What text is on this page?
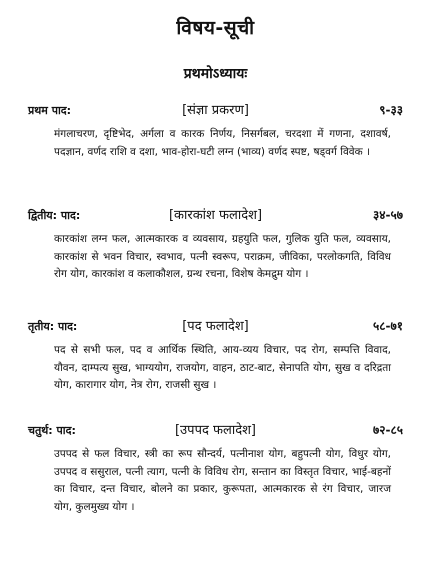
विषय-सूची
प्रथमोऽध्यायः
प्रथम पाद:	[संज्ञा प्रकरण]	९-३३
मंगलाचरण, दृष्टिभेद, अर्गला व कारक निर्णय, निसर्गबल, चरदशा में गणना, दशावर्ष, पदज्ञान, वर्णद राशि व दशा, भाव-होरा-घटी लग्न (भाव्य) वर्णद स्पष्ट, षड्वर्ग विवेक ।
द्वितीय: पाद:	[कारकांश फलादेश]	३४-५७
कारकांश लग्न फल, आत्मकारक व व्यवसाय, ग्रहयुति फल, गुलिक युति फल, व्यवसाय, कारकांश से भवन विचार, स्वभाव, पत्नी स्वरूप, पराक्रम, जीविका, परलोकगति, विविध रोग योग, कारकांश व कलाकौशल, ग्रन्थ रचना, विशेष केमद्रुम योग ।
तृतीय: पाद:	[पद फलादेश]	५८-७१
पद से सभी फल, पद व आर्थिक स्थिति, आय-व्यय विचार, पद रोग, सम्पत्ति विवाद, यौवन, दाम्पत्य सुख, भाग्ययोग, राजयोग, वाहन, ठाट-बाट, सेनापति योग, सुख व दरिद्रता योग, कारागार योग, नेत्र रोग, राजसी सुख ।
चतुर्थ: पाद:	[उपपद फलादेश]	७२-८५
उपपद से फल विचार, स्त्री का रूप सौन्दर्य, पत्नीनाश योग, बहुपत्नी योग, विधुर योग, उपपद व ससुराल, पत्नी त्याग, पत्नी के विविध रोग, सन्तान का विस्तृत विचार, भाई-बहनों का विचार, दन्त विचार, बोलने का प्रकार, कुरूपता, आत्मकारक से रंग विचार, जारज योग, कुलमुख्य योग ।
